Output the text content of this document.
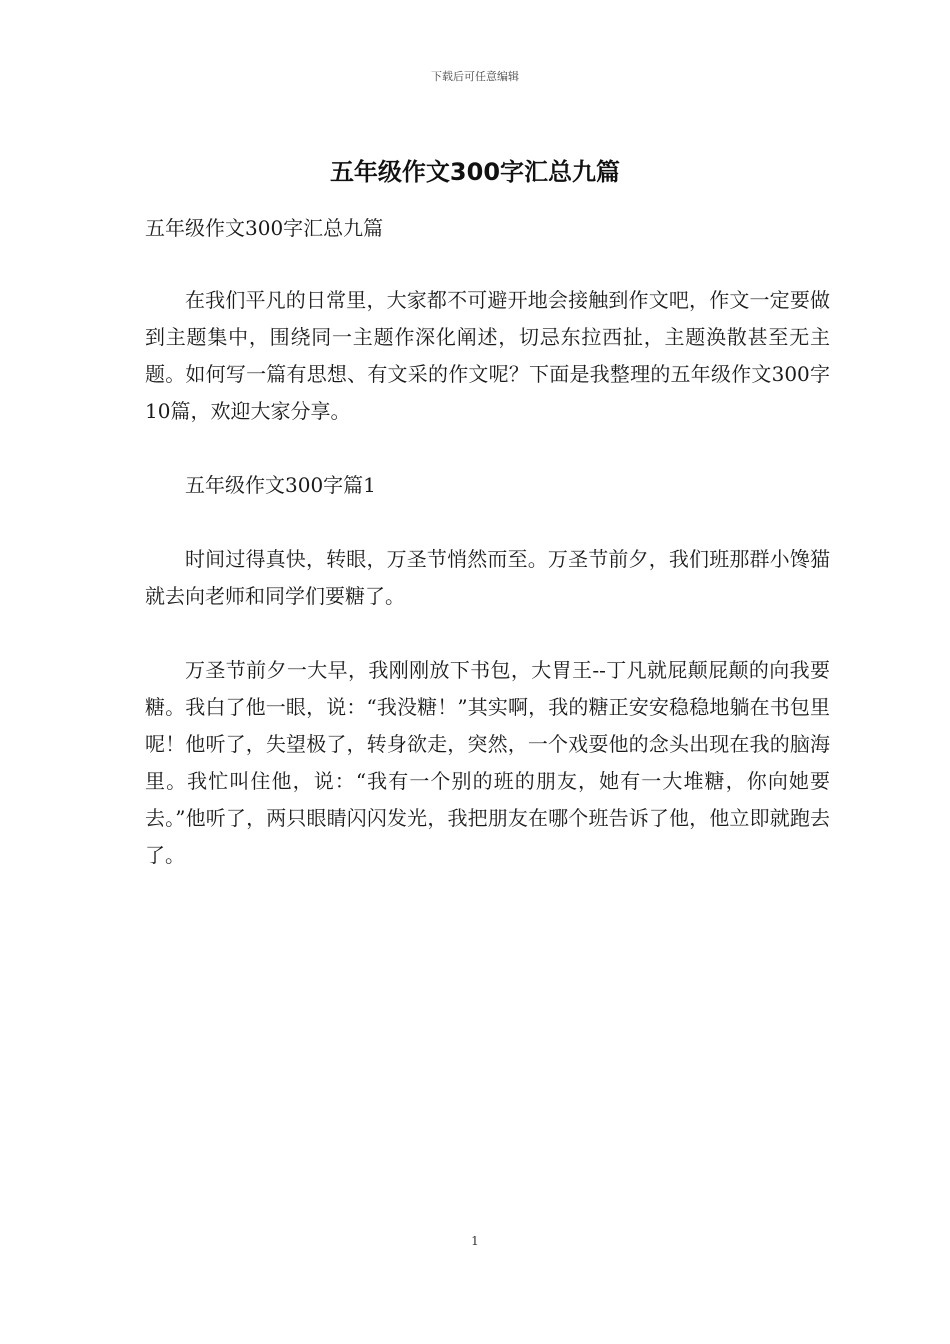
下载后可任意编辑
五年级作文300字汇总九篇
五年级作文300字汇总九篇

在我们平凡的日常里，大家都不可避开地会接触到作文吧，作文一定要做到主题集中，围绕同一主题作深化阐述，切忌东拉西扯，主题涣散甚至无主题。如何写一篇有思想、有文采的作文呢？下面是我整理的五年级作文300字10篇，欢迎大家分享。

五年级作文300字篇1

时间过得真快，转眼，万圣节悄然而至。万圣节前夕，我们班那群小馋猫就去向老师和同学们要糖了。

万圣节前夕一大早，我刚刚放下书包，大胃王--丁凡就屁颠屁颠的向我要糖。我白了他一眼，说：“我没糖！”其实啊，我的糖正安安稳稳地躺在书包里呢！他听了，失望极了，转身欲走，突然，一个戏耍他的念头出现在我的脑海里。我忙叫住他，说：“我有一个别的班的朋友，她有一大堆糖，你向她要去。”他听了，两只眼睛闪闪发光，我把朋友在哪个班告诉了他，他立即就跑去了。

1
